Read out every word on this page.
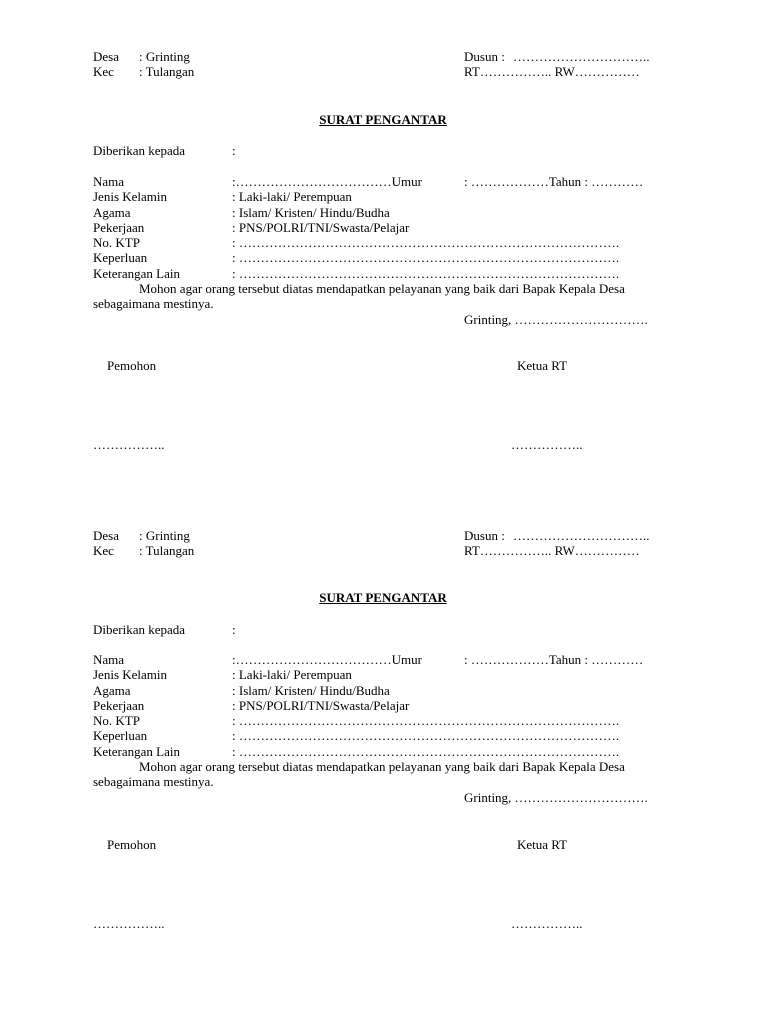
Desa : Grinting	Dusun : …………………………..
Kec : Tulangan	RT…………….. RW……………
SURAT PENGANTAR
Diberikan kepada	:
Nama	:………………………………Umur	: ………………Tahun : …………
Jenis Kelamin	: Laki-laki/ Perempuan
Agama	: Islam/ Kristen/ Hindu/Budha
Pekerjaan	: PNS/POLRI/TNI/Swasta/Pelajar
No. KTP	: …………………………………………………………………………….
Keperluan	: …………………………………………………………………………….
Keterangan Lain	: …………………………………………………………………………….
Mohon agar orang tersebut diatas mendapatkan pelayanan yang baik dari Bapak Kepala Desa
sebagaimana mestinya.
Grinting, ………………………….
Pemohon	Ketua RT
……………..	……………..
Desa : Grinting	Dusun : …………………………..
Kec : Tulangan	RT…………….. RW……………
SURAT PENGANTAR
Diberikan kepada	:
Nama	:………………………………Umur	: ………………Tahun : …………
Jenis Kelamin	: Laki-laki/ Perempuan
Agama	: Islam/ Kristen/ Hindu/Budha
Pekerjaan	: PNS/POLRI/TNI/Swasta/Pelajar
No. KTP	: …………………………………………………………………………….
Keperluan	: …………………………………………………………………………….
Keterangan Lain	: …………………………………………………………………………….
Mohon agar orang tersebut diatas mendapatkan pelayanan yang baik dari Bapak Kepala Desa
sebagaimana mestinya.
Grinting, ………………………….
Pemohon	Ketua RT
……………..	……………..
